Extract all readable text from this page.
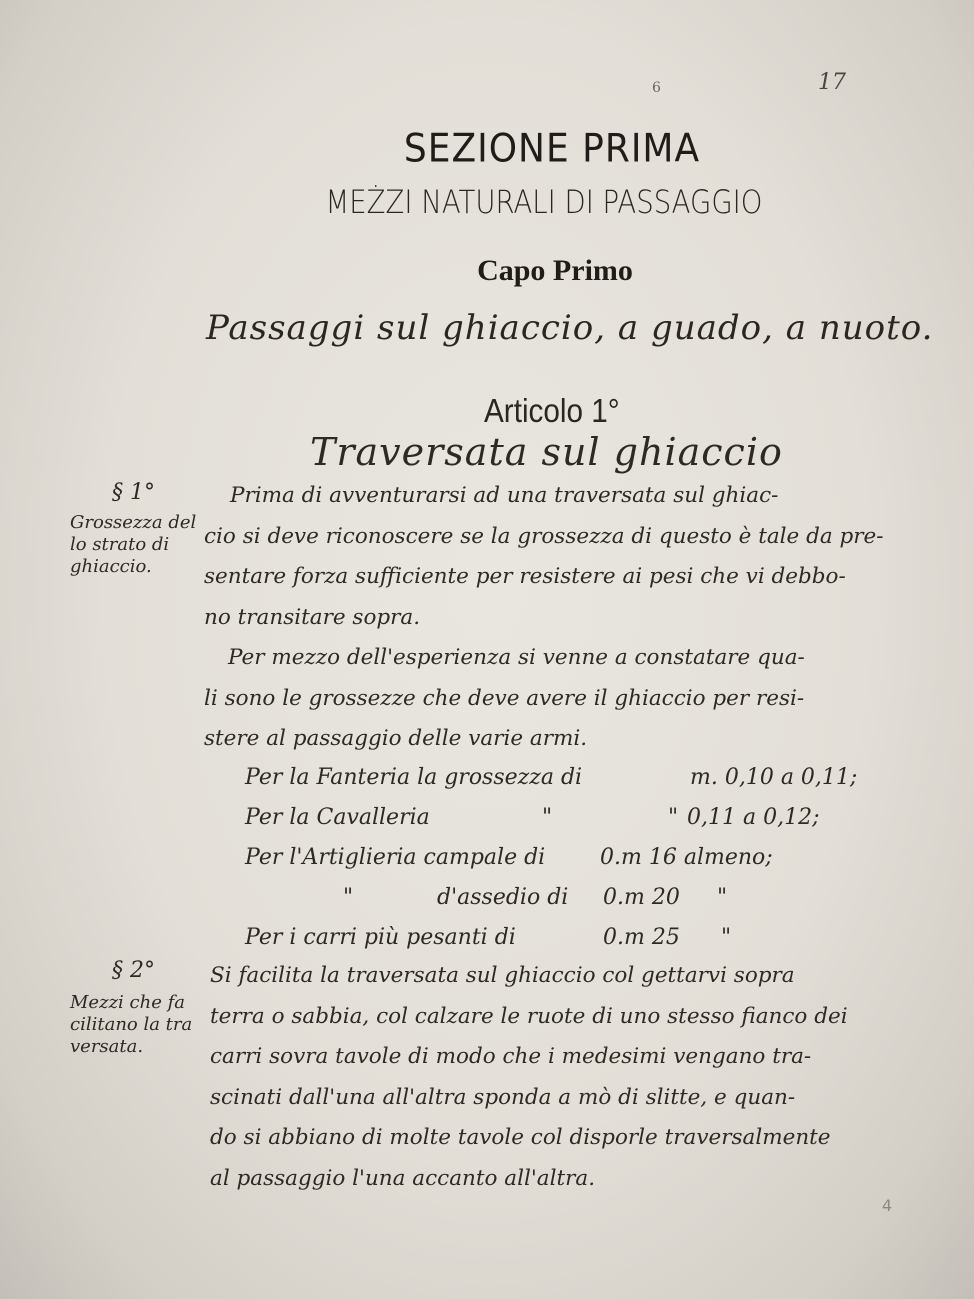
17
6
4
SEZIONE PRIMA
MEŻZI NATURALI DI PASSAGGIO
Capo Primo
Passaggi sul ghiaccio, a guado, a nuoto.
Articolo 1°
Traversata sul ghiaccio
§ 1°
Grossezza del
lo strato di
ghiaccio.
Prima di avventurarsi ad una traversata sul ghiac-
cio si deve riconoscere se la grossezza di questo è tale da pre-
sentare forza sufficiente per resistere ai pesi che vi debbo-
no transitare sopra.
Per mezzo dell'esperienza si venne a constatare qua-
li sono le grossezze che deve avere il ghiaccio per resi-
stere al passaggio delle varie armi.
Per la Fanteria la grossezza di	m. 0,10 a 0,11;
Per la Cavalleria	"	" 0,11 a 0,12;
Per l'Artiglieria campale di 0.m 16 almeno;
"	d'assedio di 0.m 20 "
Per i carri più pesanti di	0.m 25 "
§ 2°
Mezzi che fa
cilitano la tra
versata.
Si facilita la traversata sul ghiaccio col gettarvi sopra
terra o sabbia, col calzare le ruote di uno stesso fianco dei
carri sovra tavole di modo che i medesimi vengano tra-
scinati dall'una all'altra sponda a mò di slitte, e quan-
do si abbiano di molte tavole col disporle traversalmente
al passaggio l'una accanto all'altra.
